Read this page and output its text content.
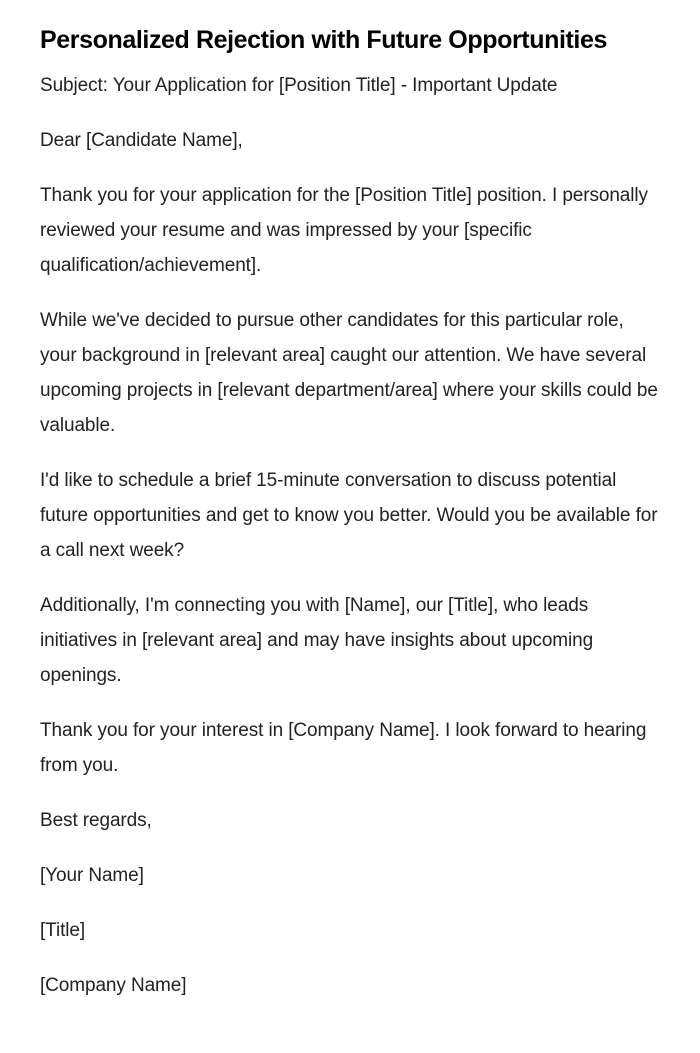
Personalized Rejection with Future Opportunities

Subject: Your Application for [Position Title] - Important Update

Dear [Candidate Name],

Thank you for your application for the [Position Title] position. I personally reviewed your resume and was impressed by your [specific qualification/achievement].

While we've decided to pursue other candidates for this particular role, your background in [relevant area] caught our attention. We have several upcoming projects in [relevant department/area] where your skills could be valuable.

I'd like to schedule a brief 15-minute conversation to discuss potential future opportunities and get to know you better. Would you be available for a call next week?

Additionally, I'm connecting you with [Name], our [Title], who leads initiatives in [relevant area] and may have insights about upcoming openings.

Thank you for your interest in [Company Name]. I look forward to hearing from you.

Best regards,

[Your Name]

[Title]

[Company Name]
